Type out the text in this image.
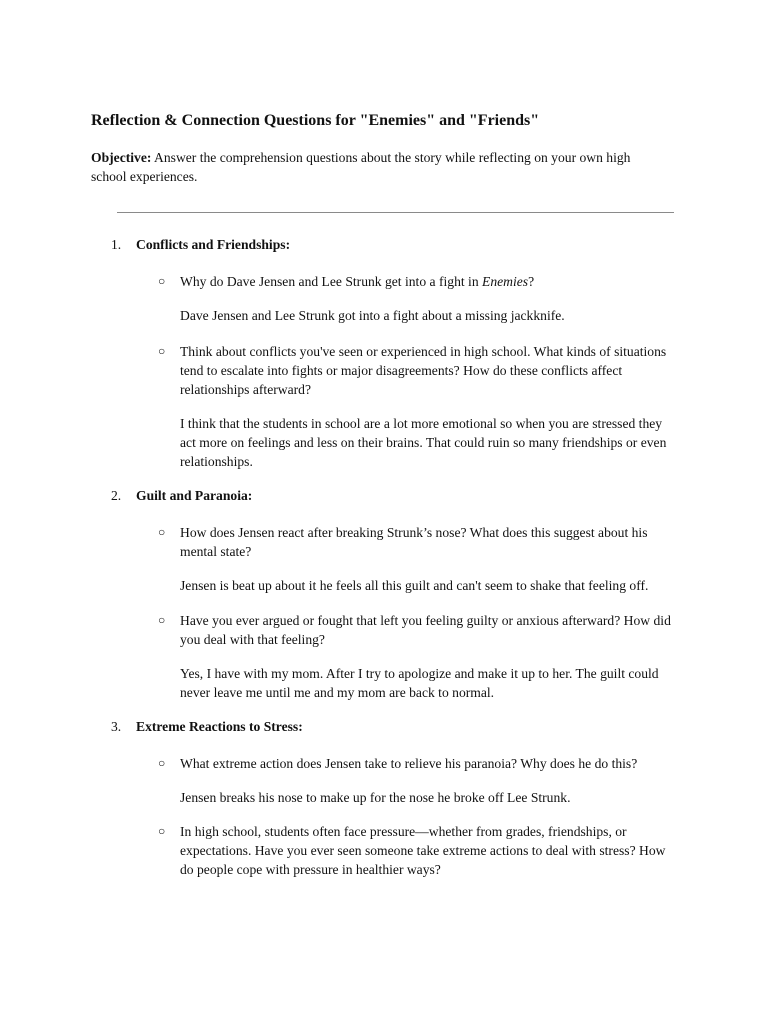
Reflection & Connection Questions for "Enemies" and "Friends"

Objective: Answer the comprehension questions about the story while reflecting on your own high school experiences.

1.	Conflicts and Friendships:
○ Why do Dave Jensen and Lee Strunk get into a fight in Enemies?

Dave Jensen and Lee Strunk got into a fight about a missing jackknife.

○ Think about conflicts you've seen or experienced in high school. What kinds of situations tend to escalate into fights or major disagreements? How do these conflicts affect relationships afterward?

I think that the students in school are a lot more emotional so when you are stressed they act more on feelings and less on their brains. That could ruin so many friendships or even relationships.

2.	Guilt and Paranoia:
○ How does Jensen react after breaking Strunk’s nose? What does this suggest about his mental state?

Jensen is beat up about it he feels all this guilt and can't seem to shake that feeling off.

○ Have you ever argued or fought that left you feeling guilty or anxious afterward? How did you deal with that feeling?

Yes, I have with my mom. After I try to apologize and make it up to her. The guilt could never leave me until me and my mom are back to normal.

3.	Extreme Reactions to Stress:
○ What extreme action does Jensen take to relieve his paranoia? Why does he do this?

Jensen breaks his nose to make up for the nose he broke off Lee Strunk.

○ In high school, students often face pressure—whether from grades, friendships, or expectations. Have you ever seen someone take extreme actions to deal with stress? How do people cope with pressure in healthier ways?
